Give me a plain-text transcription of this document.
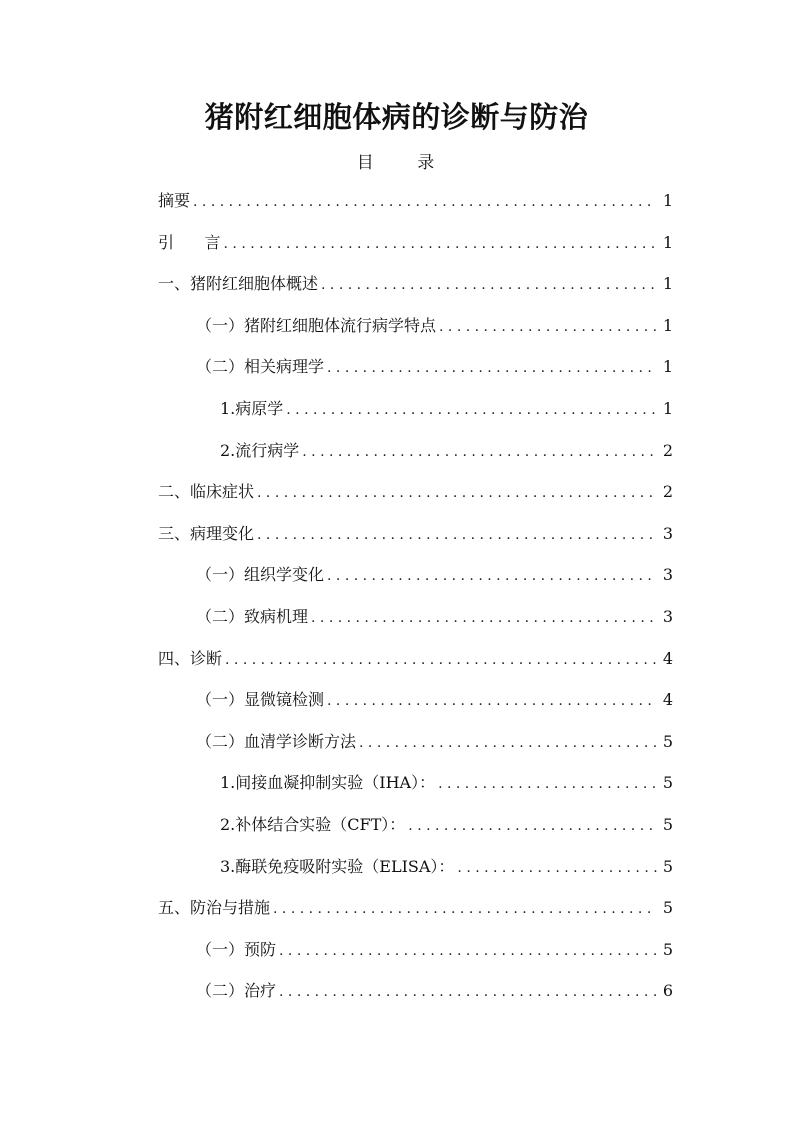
猪附红细胞体病的诊断与防治
目 录
摘要 . . .	1
引      言 . . .	1
一、猪附红细胞体概述 . . .	1
（一）猪附红细胞体流行病学特点 . . .	1
（二）相关病理学 . . .	1
1.病原学 . . .	1
2.流行病学 . . .	2
二、临床症状 . . .	2
三、病理变化 . . .	3
（一）组织学变化 . . .	3
（二）致病机理 . . .	3
四、诊断 . . .	4
（一）显微镜检测 . . .	4
（二）血清学诊断方法 . . .	5
1.间接血凝抑制实验（IHA）： . . .	5
2.补体结合实验（CFT）： . . .	5
3.酶联免疫吸附实验（ELISA）： . . .	5
五、防治与措施 . . .	5
（一）预防 . . .	5
（二）治疗 . . .	6
